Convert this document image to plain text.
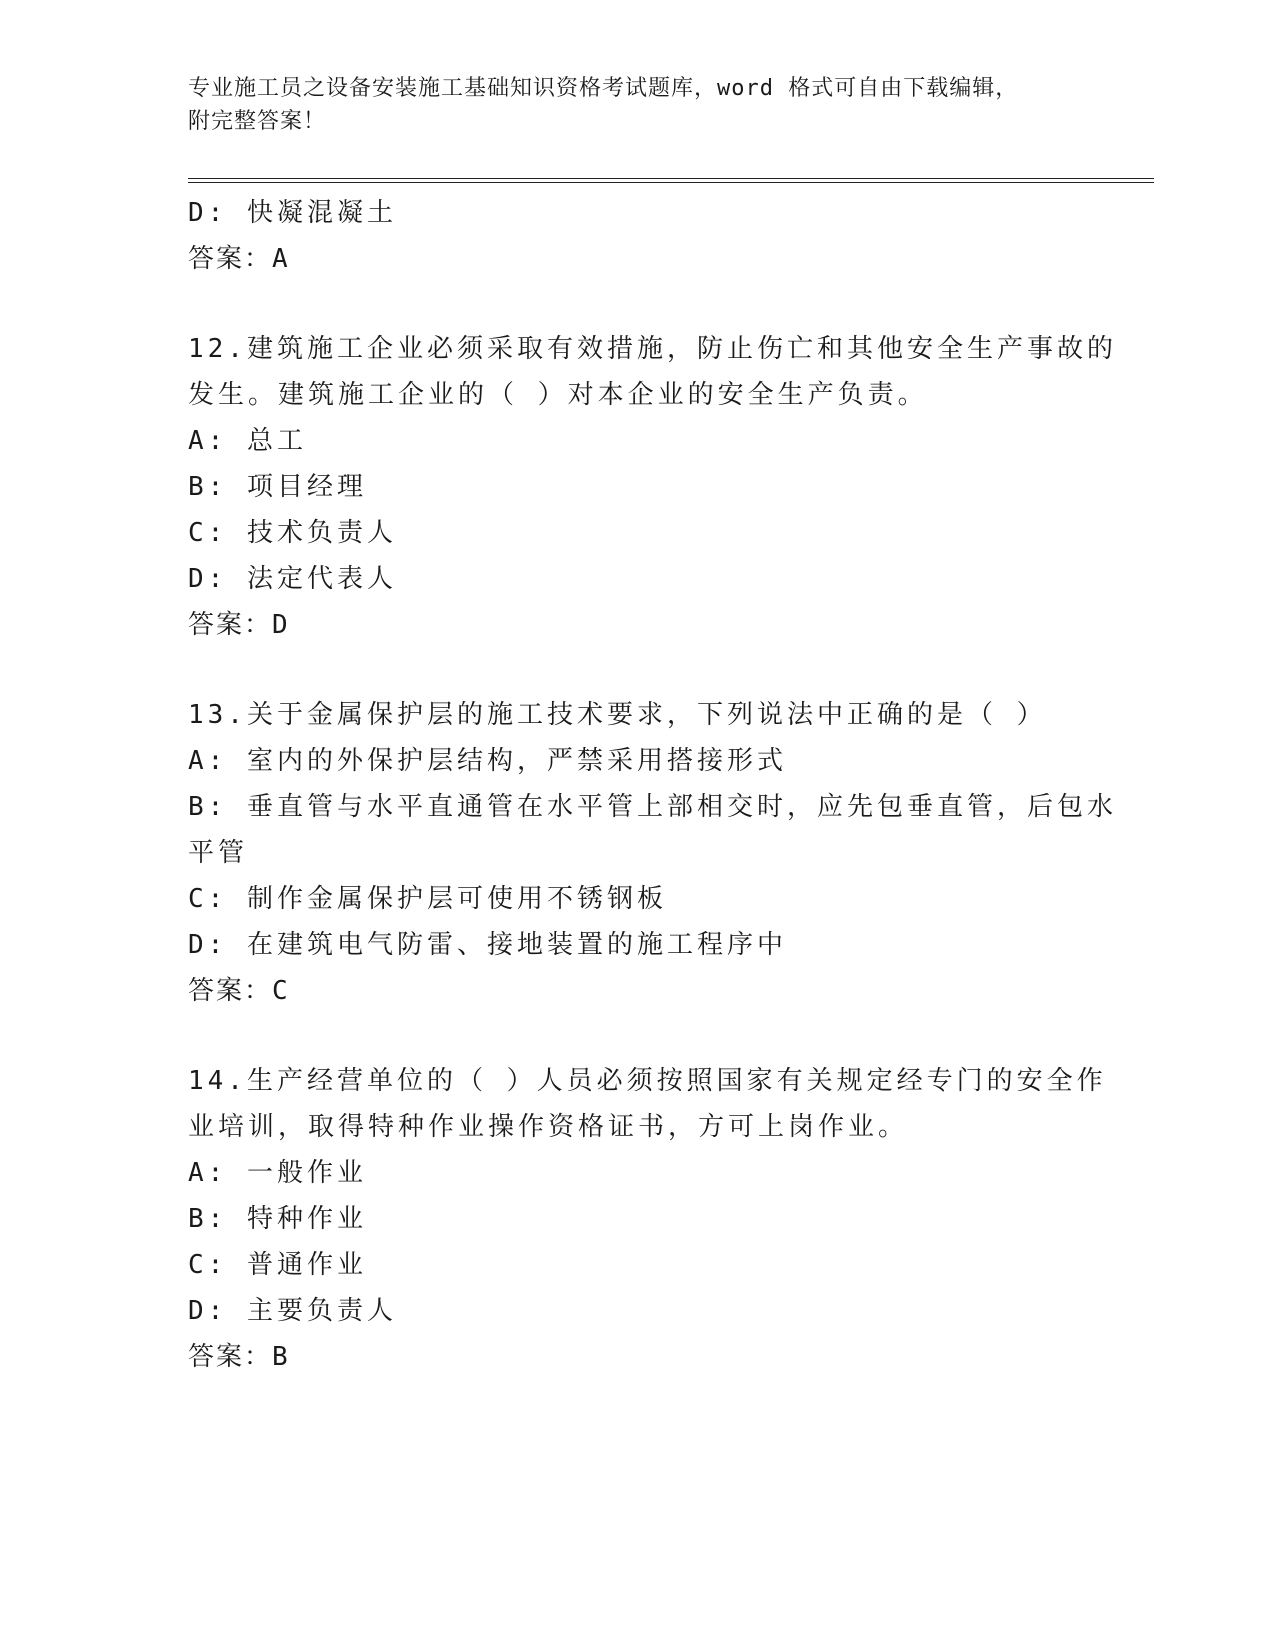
专业施工员之设备安装施工基础知识资格考试题库，word 格式可自由下载编辑，
附完整答案！
D: 快凝混凝土
答案：A
12.建筑施工企业必须采取有效措施，防止伤亡和其他安全生产事故的
发生。建筑施工企业的（ ）对本企业的安全生产负责。
A: 总工
B: 项目经理
C: 技术负责人
D: 法定代表人
答案：D
13.关于金属保护层的施工技术要求，下列说法中正确的是（ ）
A: 室内的外保护层结构，严禁采用搭接形式
B: 垂直管与水平直通管在水平管上部相交时，应先包垂直管，后包水
平管
C: 制作金属保护层可使用不锈钢板
D: 在建筑电气防雷、接地装置的施工程序中
答案：C
14.生产经营单位的（ ）人员必须按照国家有关规定经专门的安全作
业培训，取得特种作业操作资格证书，方可上岗作业。
A: 一般作业
B: 特种作业
C: 普通作业
D: 主要负责人
答案：B
